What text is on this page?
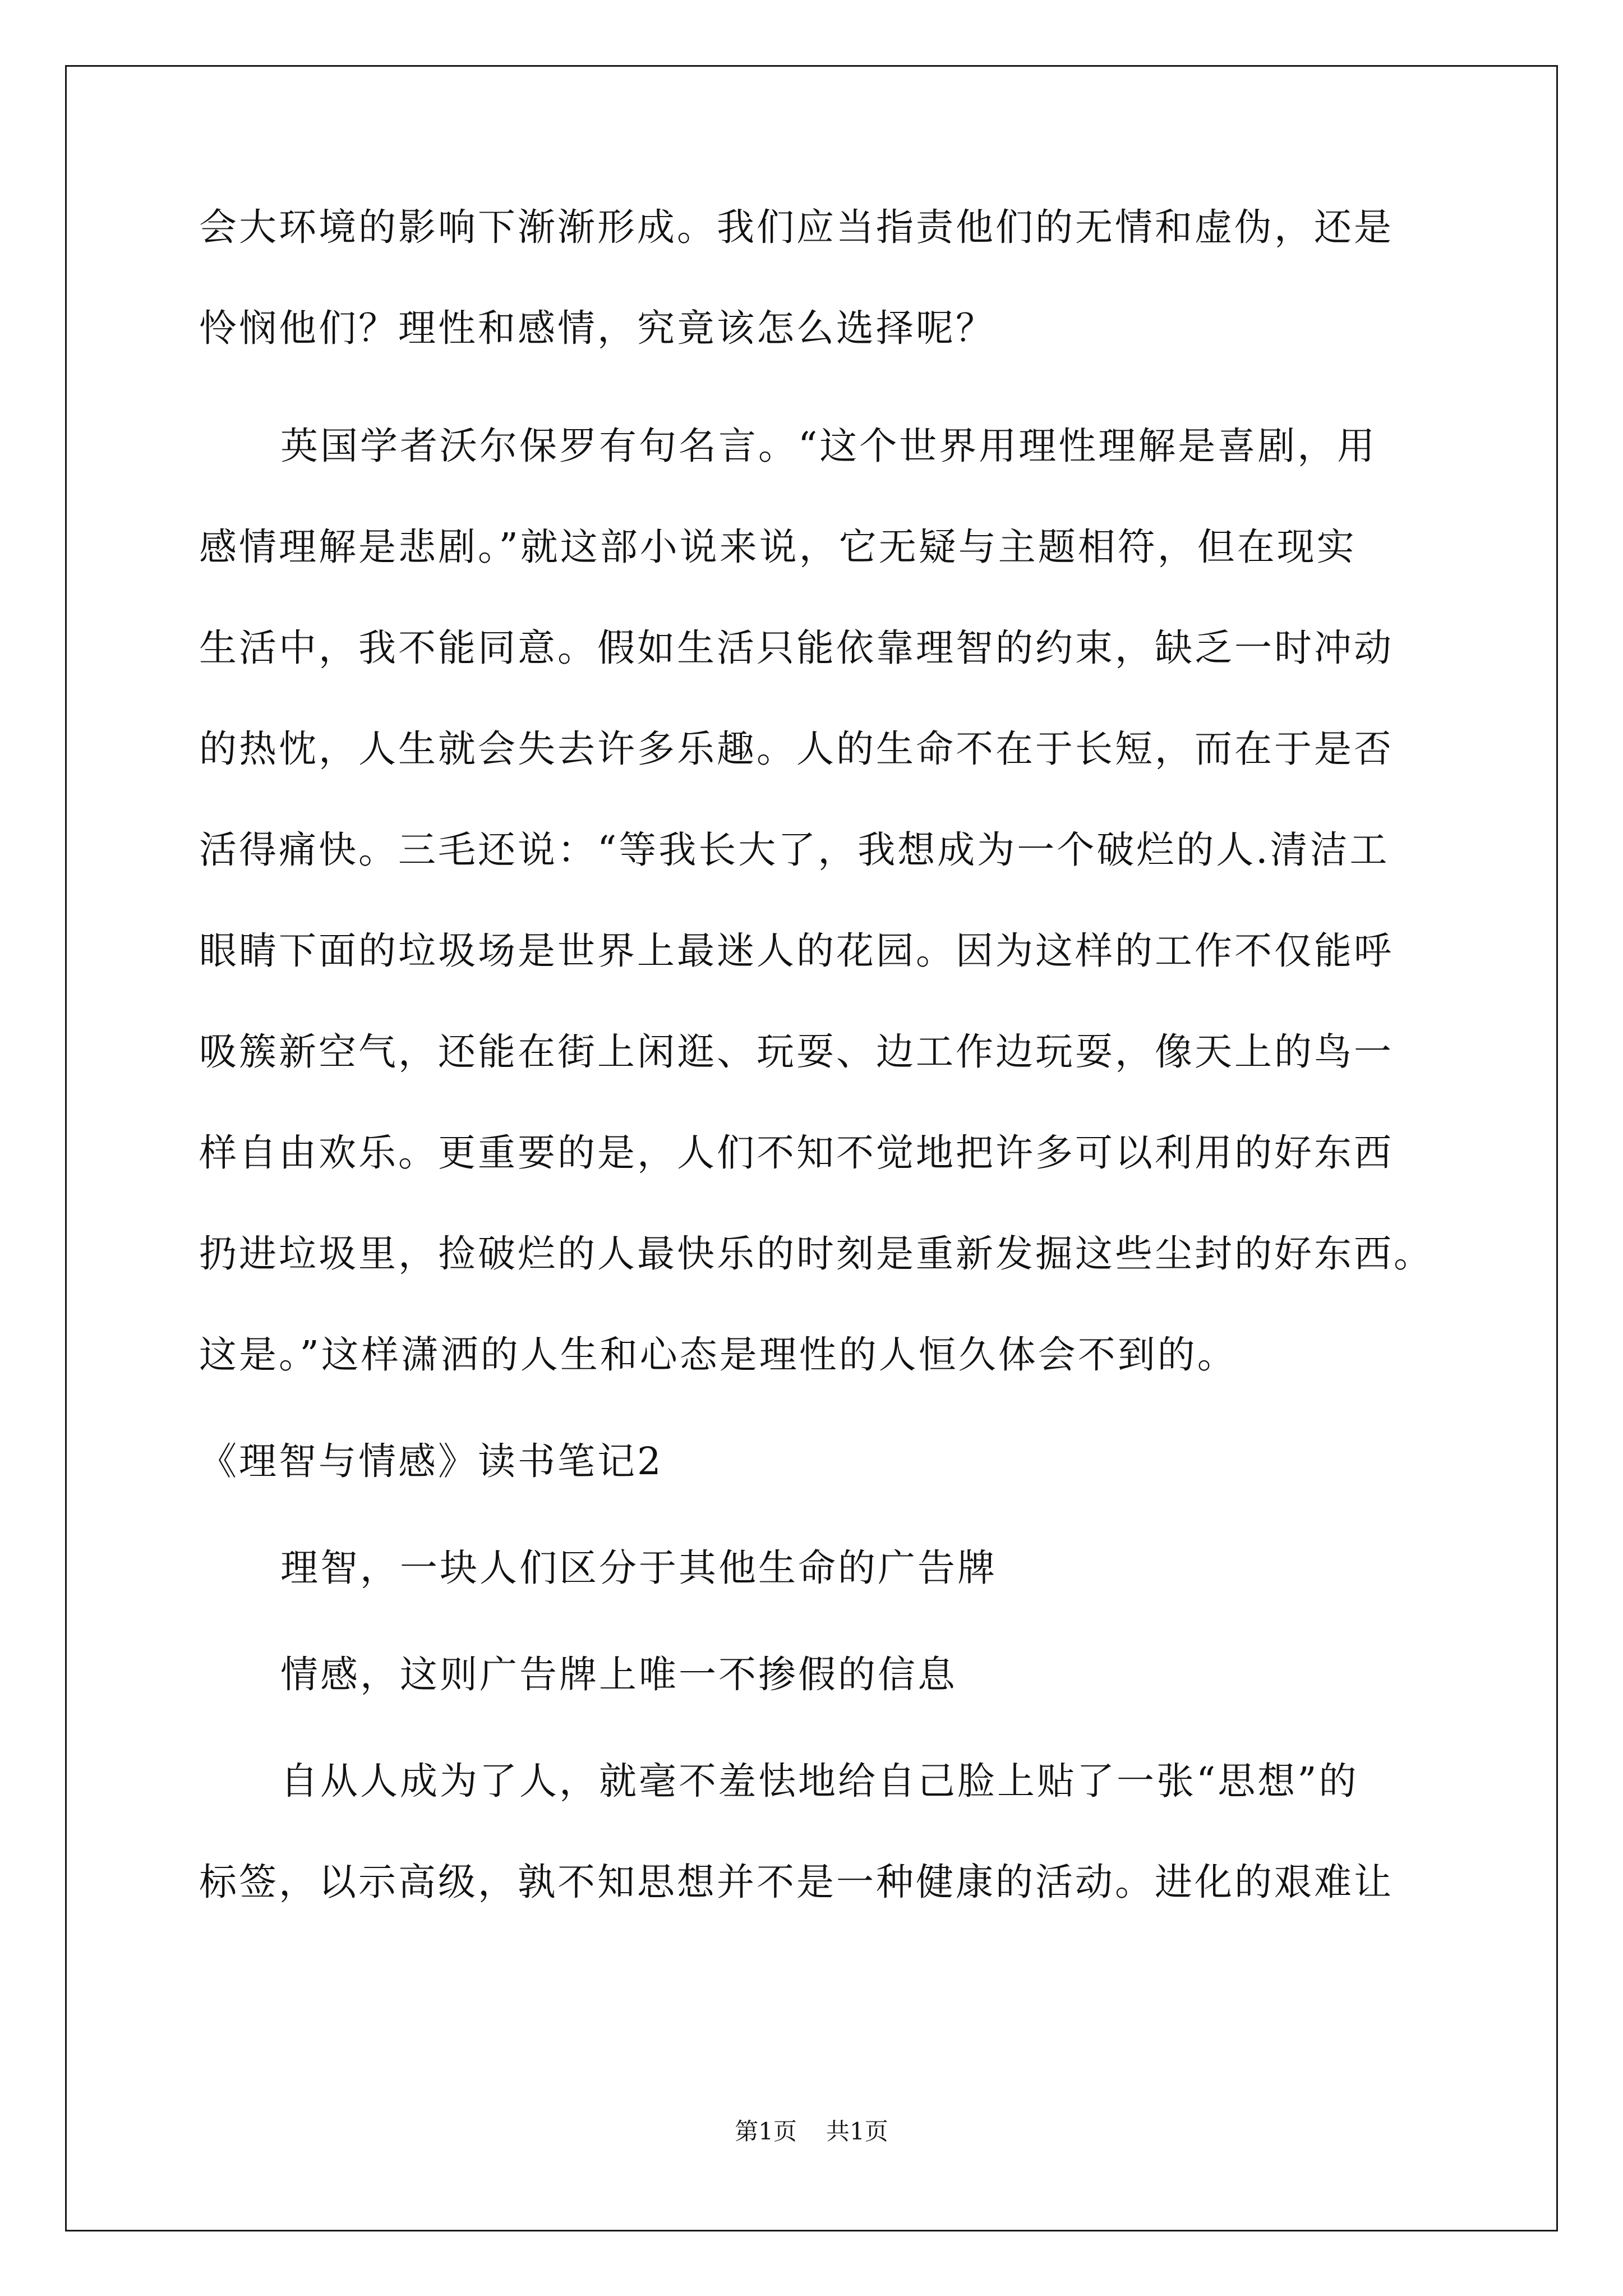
会大环境的影响下渐渐形成。我们应当指责他们的无情和虚伪，还是
怜悯他们？理性和感情，究竟该怎么选择呢？
英国学者沃尔保罗有句名言。“这个世界用理性理解是喜剧，用
感情理解是悲剧。”就这部小说来说，它无疑与主题相符，但在现实
生活中，我不能同意。假如生活只能依靠理智的约束，缺乏一时冲动
的热忱，人生就会失去许多乐趣。人的生命不在于长短，而在于是否
活得痛快。三毛还说：“等我长大了，我想成为一个破烂的人.清洁工
眼睛下面的垃圾场是世界上最迷人的花园。因为这样的工作不仅能呼
吸簇新空气，还能在街上闲逛、玩耍、边工作边玩耍，像天上的鸟一
样自由欢乐。更重要的是，人们不知不觉地把许多可以利用的好东西
扔进垃圾里，捡破烂的人最快乐的时刻是重新发掘这些尘封的好东西。
这是。”这样潇洒的人生和心态是理性的人恒久体会不到的。
《理智与情感》读书笔记2
理智，一块人们区分于其他生命的广告牌
情感，这则广告牌上唯一不掺假的信息
自从人成为了人，就毫不羞怯地给自己脸上贴了一张“思想”的
标签，以示高级，孰不知思想并不是一种健康的活动。进化的艰难让
第1页 共1页
